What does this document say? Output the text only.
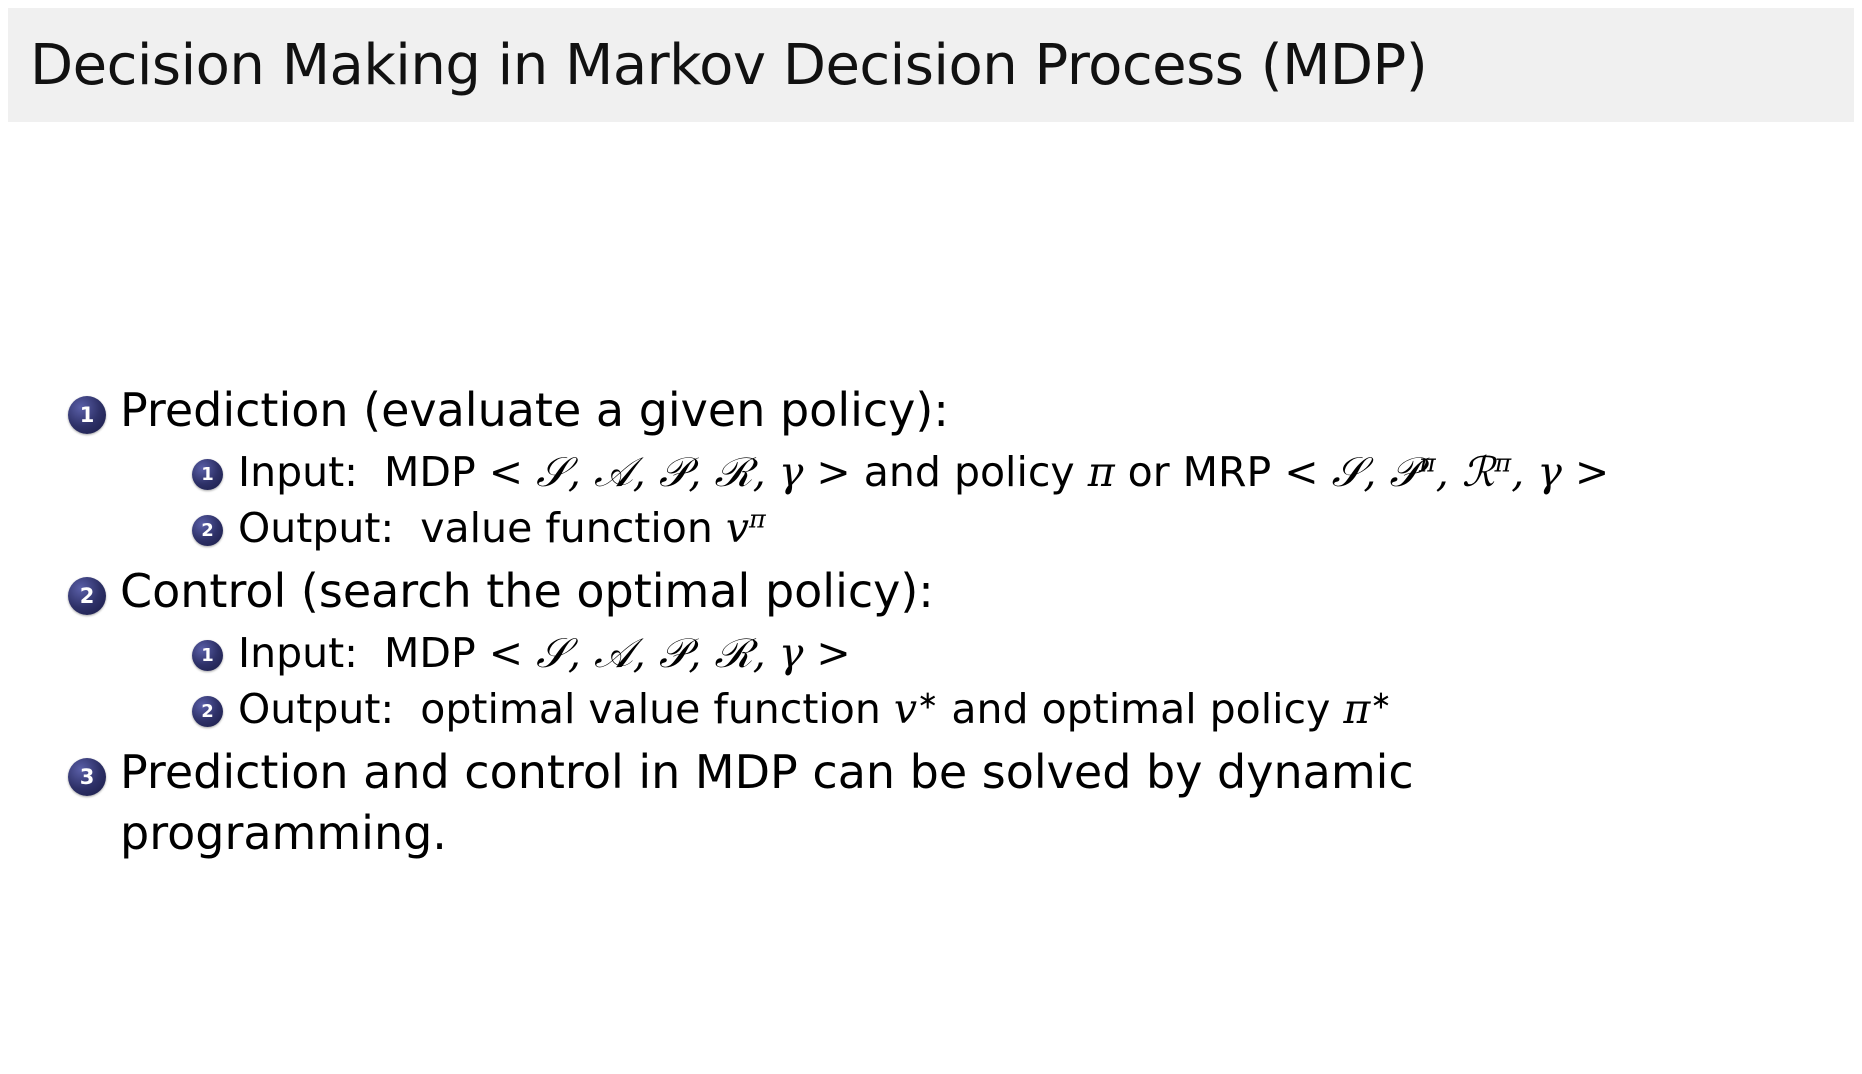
Decision Making in Markov Decision Process (MDP)
1 Prediction (evaluate a given policy):
1 Input:  MDP < 𝒮, 𝒜, 𝒫, ℛ, γ > and policy π or MRP < 𝒮, 𝒫$^\pi$, ℛ$^\pi$, γ >
2 Output:  value function $v^\pi$
2 Control (search the optimal policy):
1 Input:  MDP < 𝒮, 𝒜, 𝒫, ℛ, γ >
2 Output:  optimal value function v∗ and optimal policy π∗
3 Prediction and control in MDP can be solved by dynamic programming.
